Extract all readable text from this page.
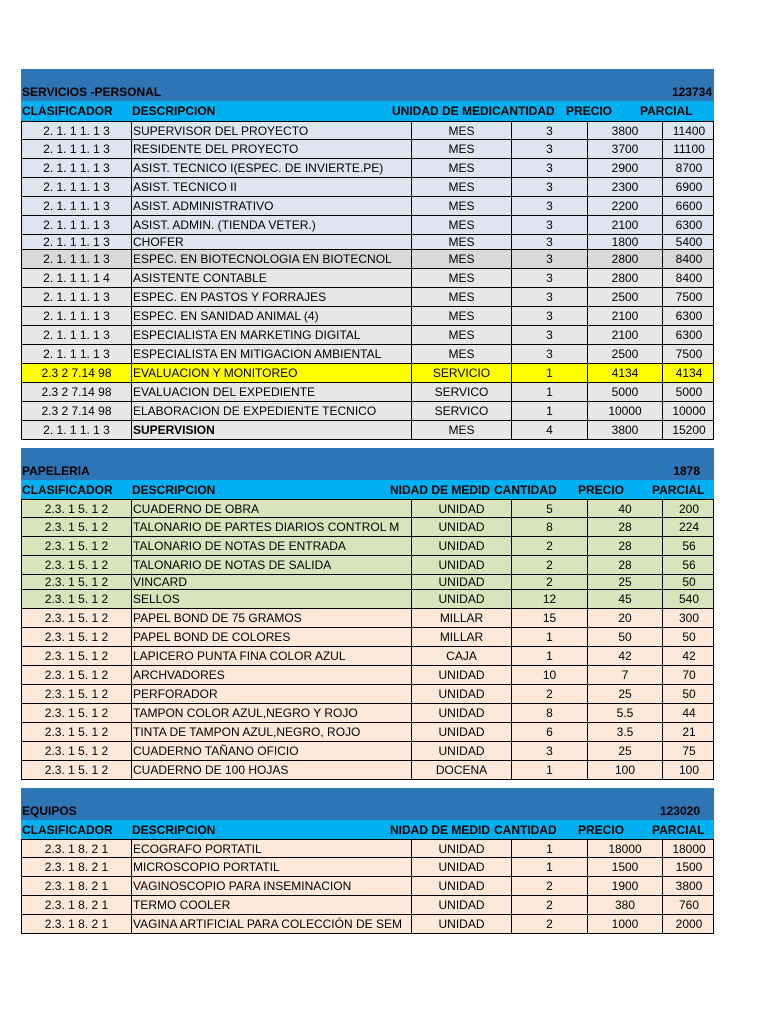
SERVICIOS -PERSONAL	123734
CLASIFICADOR	DESCRIPCION	UNIDAD DE MEDI CANTIDAD PRECIO	PARCIAL
2. 1. 1 1. 1 3	SUPERVISOR DEL PROYECTO	MES	3	3800	11400
2. 1. 1 1. 1 3	RESIDENTE DEL PROYECTO	MES	3	3700	11100
2. 1. 1 1. 1 3	ASIST. TECNICO I(ESPEC. DE INVIERTE.PE)	MES	3	2900	8700
2. 1. 1 1. 1 3	ASIST. TECNICO II	MES	3	2300	6900
2. 1. 1 1. 1 3	ASIST. ADMINISTRATIVO	MES	3	2200	6600
2. 1. 1 1. 1 3	ASIST. ADMIN. (TIENDA VETER.)	MES	3	2100	6300
2. 1. 1 1. 1 3	CHOFER	MES	3	1800	5400
2. 1. 1 1. 1 3	ESPEC. EN BIOTECNOLOGIA EN BIOTECNOL	MES	3	2800	8400
2. 1. 1 1. 1 4	ASISTENTE CONTABLE	MES	3	2800	8400
2. 1. 1 1. 1 3	ESPEC. EN PASTOS Y FORRAJES	MES	3	2500	7500
2. 1. 1 1. 1 3	ESPEC. EN SANIDAD ANIMAL (4)	MES	3	2100	6300
2. 1. 1 1. 1 3	ESPECIALISTA EN MARKETING DIGITAL	MES	3	2100	6300
2. 1. 1 1. 1 3	ESPECIALISTA EN MITIGACION AMBIENTAL	MES	3	2500	7500
2.3 2 7.14 98	EVALUACION Y MONITOREO	SERVICIO	1	4134	4134
2.3 2 7.14 98	EVALUACION DEL EXPEDIENTE	SERVICO	1	5000	5000
2.3 2 7.14 98	ELABORACION DE EXPEDIENTE TECNICO	SERVICO	1	10000	10000
2. 1. 1 1. 1 3	SUPERVISION	MES	4	3800	15200
PAPELERIA	1878
CLASIFICADOR	DESCRIPCION	NIDAD DE MEDID CANTIDAD	PRECIO	PARCIAL
2.3. 1 5. 1 2	CUADERNO DE OBRA	UNIDAD	5	40	200
2.3. 1 5. 1 2	TALONARIO DE PARTES DIARIOS CONTROL M	UNIDAD	8	28	224
2.3. 1 5. 1 2	TALONARIO DE NOTAS DE ENTRADA	UNIDAD	2	28	56
2.3. 1 5. 1 2	TALONARIO DE NOTAS DE SALIDA	UNIDAD	2	28	56
2.3. 1 5. 1 2	VINCARD	UNIDAD	2	25	50
2.3. 1 5. 1 2	SELLOS	UNIDAD	12	45	540
2.3. 1 5. 1 2	PAPEL BOND DE 75 GRAMOS	MILLAR	15	20	300
2.3. 1 5. 1 2	PAPEL BOND DE COLORES	MILLAR	1	50	50
2.3. 1 5. 1 2	LAPICERO PUNTA FINA COLOR AZUL	CAJA	1	42	42
2.3. 1 5. 1 2	ARCHVADORES	UNIDAD	10	7	70
2.3. 1 5. 1 2	PERFORADOR	UNIDAD	2	25	50
2.3. 1 5. 1 2	TAMPON COLOR AZUL,NEGRO Y ROJO	UNIDAD	8	5.5	44
2.3. 1 5. 1 2	TINTA DE TAMPON AZUL,NEGRO, ROJO	UNIDAD	6	3.5	21
2.3. 1 5. 1 2	CUADERNO TAÑANO OFICIO	UNIDAD	3	25	75
2.3. 1 5. 1 2	CUADERNO DE 100 HOJAS	DOCENA	1	100	100
EQUIPOS	123020
CLASIFICADOR	DESCRIPCION	NIDAD DE MEDID CANTIDAD	PRECIO	PARCIAL
2.3. 1 8. 2 1	ECOGRAFO PORTATIL	UNIDAD	1	18000	18000
2.3. 1 8. 2 1	MICROSCOPIO PORTATIL	UNIDAD	1	1500	1500
2.3. 1 8. 2 1	VAGINOSCOPIO PARA INSEMINACION	UNIDAD	2	1900	3800
2.3. 1 8. 2 1	TERMO COOLER	UNIDAD	2	380	760
2.3. 1 8. 2 1	VAGINA ARTIFICIAL PARA COLECCIÓN DE SEM	UNIDAD	2	1000	2000
